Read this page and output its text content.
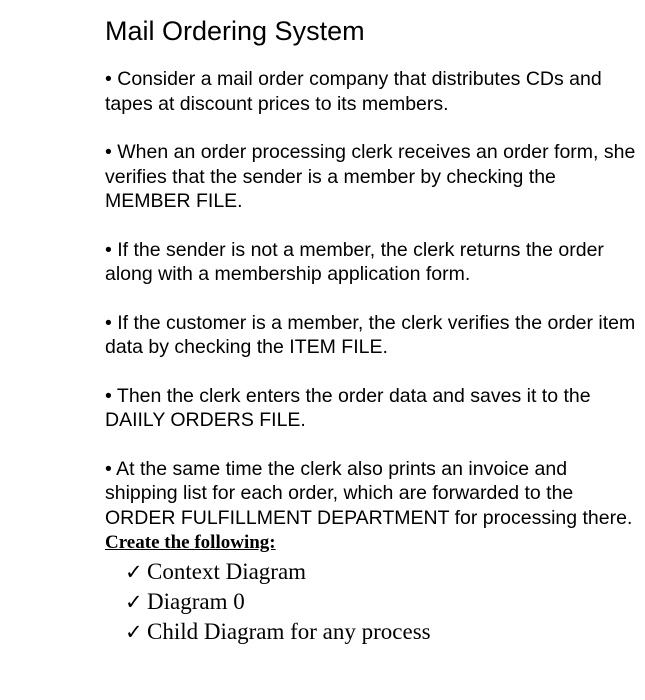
Mail Ordering System
• Consider a mail order company that distributes CDs and tapes at discount prices to its members.
• When an order processing clerk receives an order form, she verifies that the sender is a member by checking the MEMBER FILE.
• If the sender is not a member, the clerk returns the order along with a membership application form.
• If the customer is a member, the clerk verifies the order item data by checking the ITEM FILE.
• Then the clerk enters the order data and saves it to the DAIILY ORDERS FILE.
• At the same time the clerk also prints an invoice and shipping list for each order, which are forwarded to the ORDER FULFILLMENT DEPARTMENT for processing there.
Create the following:
✓ Context Diagram
✓ Diagram 0
✓ Child Diagram for any process
